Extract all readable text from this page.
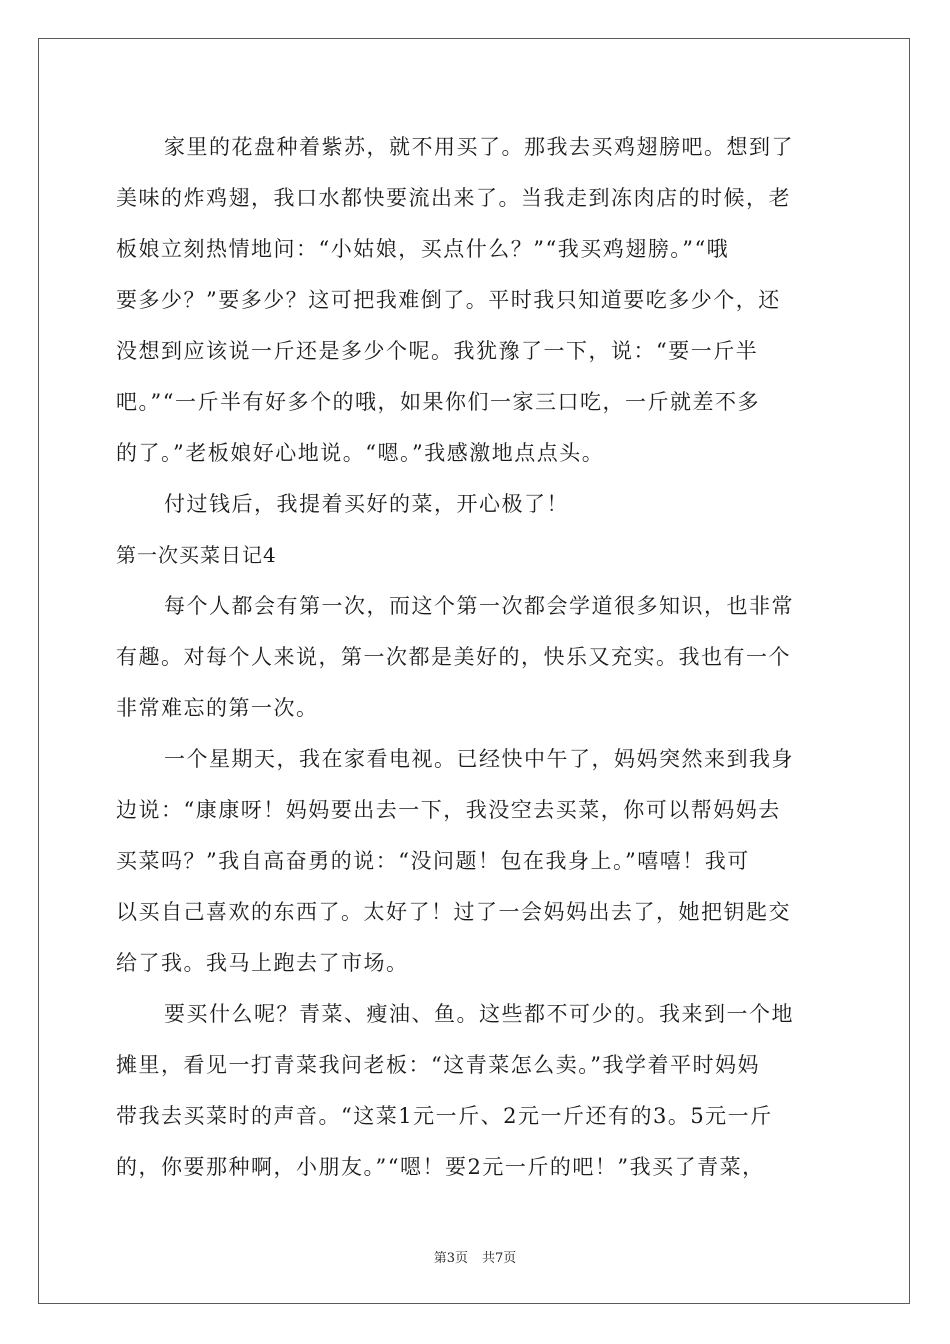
家里的花盘种着紫苏，就不用买了。那我去买鸡翅膀吧。想到了
美味的炸鸡翅，我口水都快要流出来了。当我走到冻肉店的时候，老
板娘立刻热情地问：“小姑娘，买点什么？”“我买鸡翅膀。”“哦
要多少？”要多少？这可把我难倒了。平时我只知道要吃多少个，还
没想到应该说一斤还是多少个呢。我犹豫了一下，说：“要一斤半
吧。”“一斤半有好多个的哦，如果你们一家三口吃，一斤就差不多
的了。”老板娘好心地说。“嗯。”我感激地点点头。
付过钱后，我提着买好的菜，开心极了！
第一次买菜日记4
每个人都会有第一次，而这个第一次都会学道很多知识，也非常
有趣。对每个人来说，第一次都是美好的，快乐又充实。我也有一个
非常难忘的第一次。
一个星期天，我在家看电视。已经快中午了，妈妈突然来到我身
边说：“康康呀！妈妈要出去一下，我没空去买菜，你可以帮妈妈去
买菜吗？”我自高奋勇的说：“没问题！包在我身上。”嘻嘻！我可
以买自己喜欢的东西了。太好了！过了一会妈妈出去了，她把钥匙交
给了我。我马上跑去了市场。
要买什么呢？青菜、瘦油、鱼。这些都不可少的。我来到一个地
摊里，看见一打青菜我问老板：“这青菜怎么卖。”我学着平时妈妈
带我去买菜时的声音。“这菜1元一斤、2元一斤还有的3。5元一斤
的，你要那种啊，小朋友。”“嗯！要2元一斤的吧！”我买了青菜，
第3页 共7页
